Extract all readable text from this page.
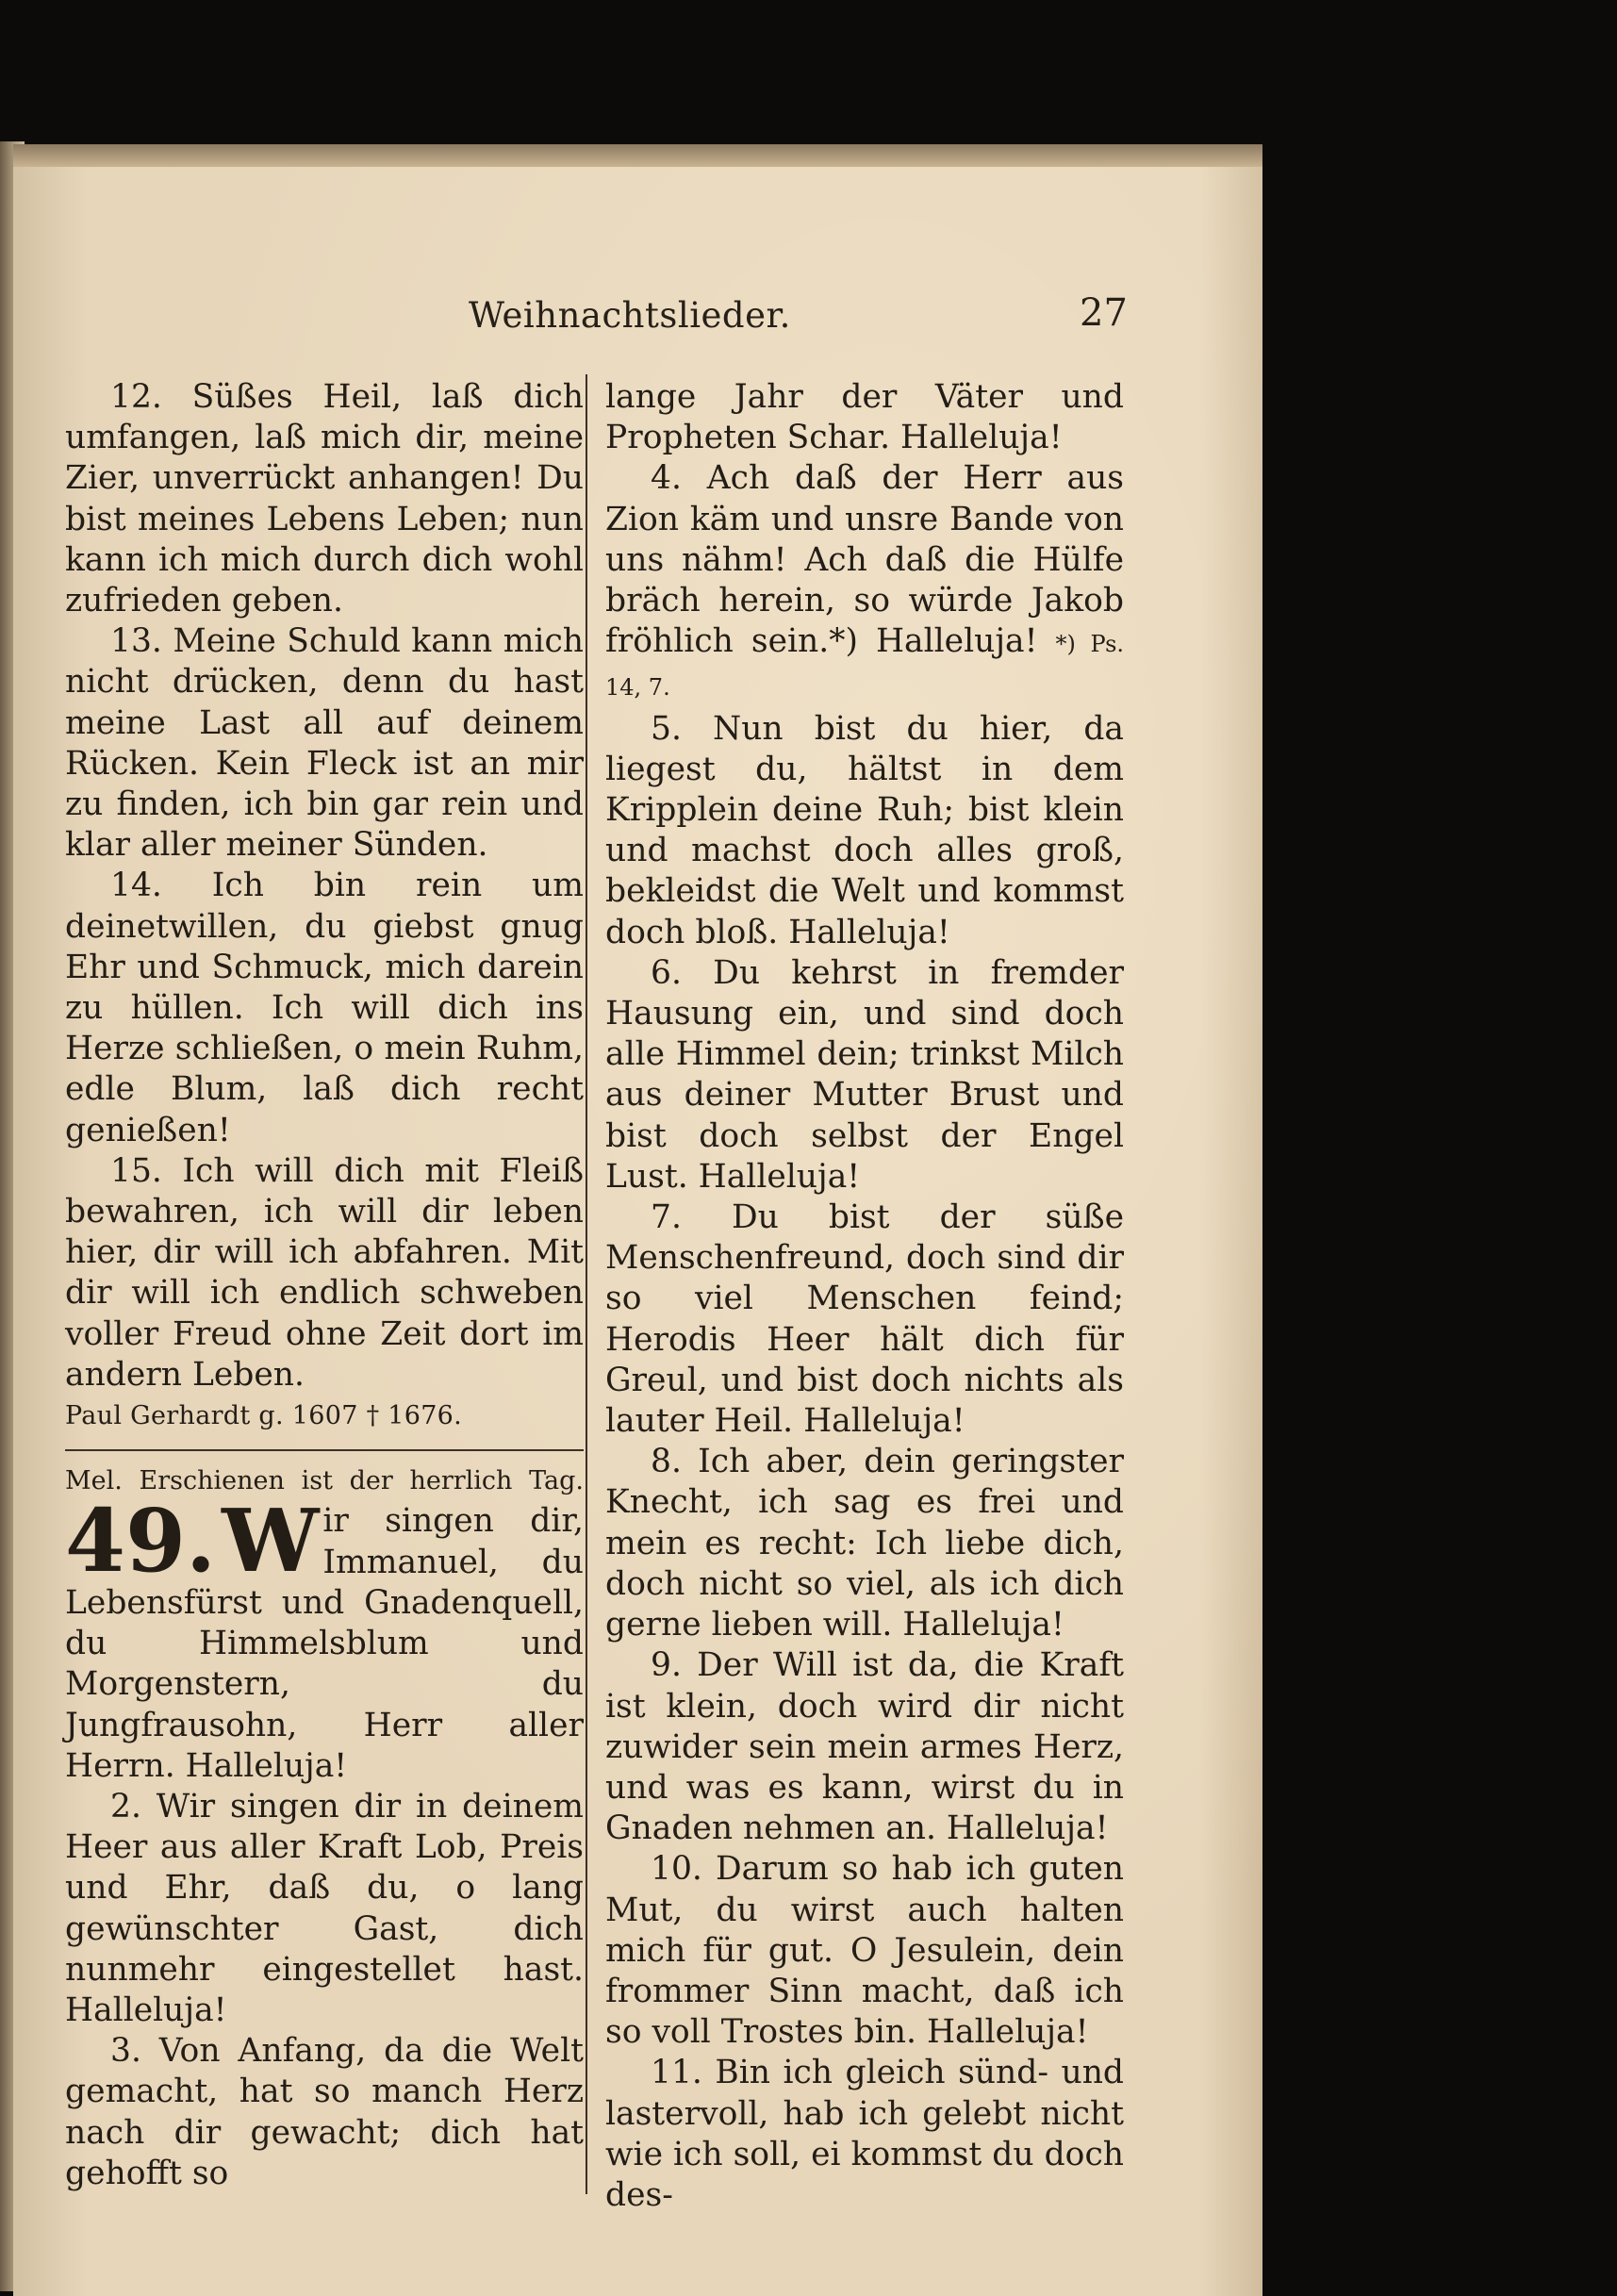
Weihnachtslieder.	27

12. Süßes Heil, laß dich umfangen, laß mich dir, meine Zier, unverrückt anhangen! Du bist meines Lebens Leben; nun kann ich mich durch dich wohl zufrieden geben.

13. Meine Schuld kann mich nicht drücken, denn du hast meine Last all auf deinem Rücken. Kein Fleck ist an mir zu finden, ich bin gar rein und klar aller meiner Sünden.

14. Ich bin rein um deinetwillen, du giebst gnug Ehr und Schmuck, mich darein zu hüllen. Ich will dich ins Herze schließen, o mein Ruhm, edle Blum, laß dich recht genießen!

15. Ich will dich mit Fleiß bewahren, ich will dir leben hier, dir will ich abfahren. Mit dir will ich endlich schweben voller Freud ohne Zeit dort im andern Leben.

Paul Gerhardt g. 1607 † 1676.

Mel. Erschienen ist der herrlich Tag.

49. W ir singen dir, Immanuel, du Lebensfürst und Gnadenquell, du Himmelsblum und Morgenstern, du Jungfrausohn, Herr aller Herrn. Halleluja!

2. Wir singen dir in deinem Heer aus aller Kraft Lob, Preis und Ehr, daß du, o lang gewünschter Gast, dich nunmehr eingestellet hast. Halleluja!

3. Von Anfang, da die Welt gemacht, hat so manch Herz nach dir gewacht; dich hat gehofft so

lange Jahr der Väter und Propheten Schar. Halleluja!

4. Ach daß der Herr aus Zion käm und unsre Bande von uns nähm! Ach daß die Hülfe bräch herein, so würde Jakob fröhlich sein.*) Halleluja! *) Ps. 14, 7.

5. Nun bist du hier, da liegest du, hältst in dem Kripplein deine Ruh; bist klein und machst doch alles groß, bekleidst die Welt und kommst doch bloß. Halleluja!

6. Du kehrst in fremder Hausung ein, und sind doch alle Himmel dein; trinkst Milch aus deiner Mutter Brust und bist doch selbst der Engel Lust. Halleluja!

7. Du bist der süße Menschenfreund, doch sind dir so viel Menschen feind; Herodis Heer hält dich für Greul, und bist doch nichts als lauter Heil. Halleluja!

8. Ich aber, dein geringster Knecht, ich sag es frei und mein es recht: Ich liebe dich, doch nicht so viel, als ich dich gerne lieben will. Halleluja!

9. Der Will ist da, die Kraft ist klein, doch wird dir nicht zuwider sein mein armes Herz, und was es kann, wirst du in Gnaden nehmen an. Halleluja!

10. Darum so hab ich guten Mut, du wirst auch halten mich für gut. O Jesulein, dein frommer Sinn macht, daß ich so voll Trostes bin. Halleluja!

11. Bin ich gleich sünd- und lastervoll, hab ich gelebt nicht wie ich soll, ei kommst du doch des-
